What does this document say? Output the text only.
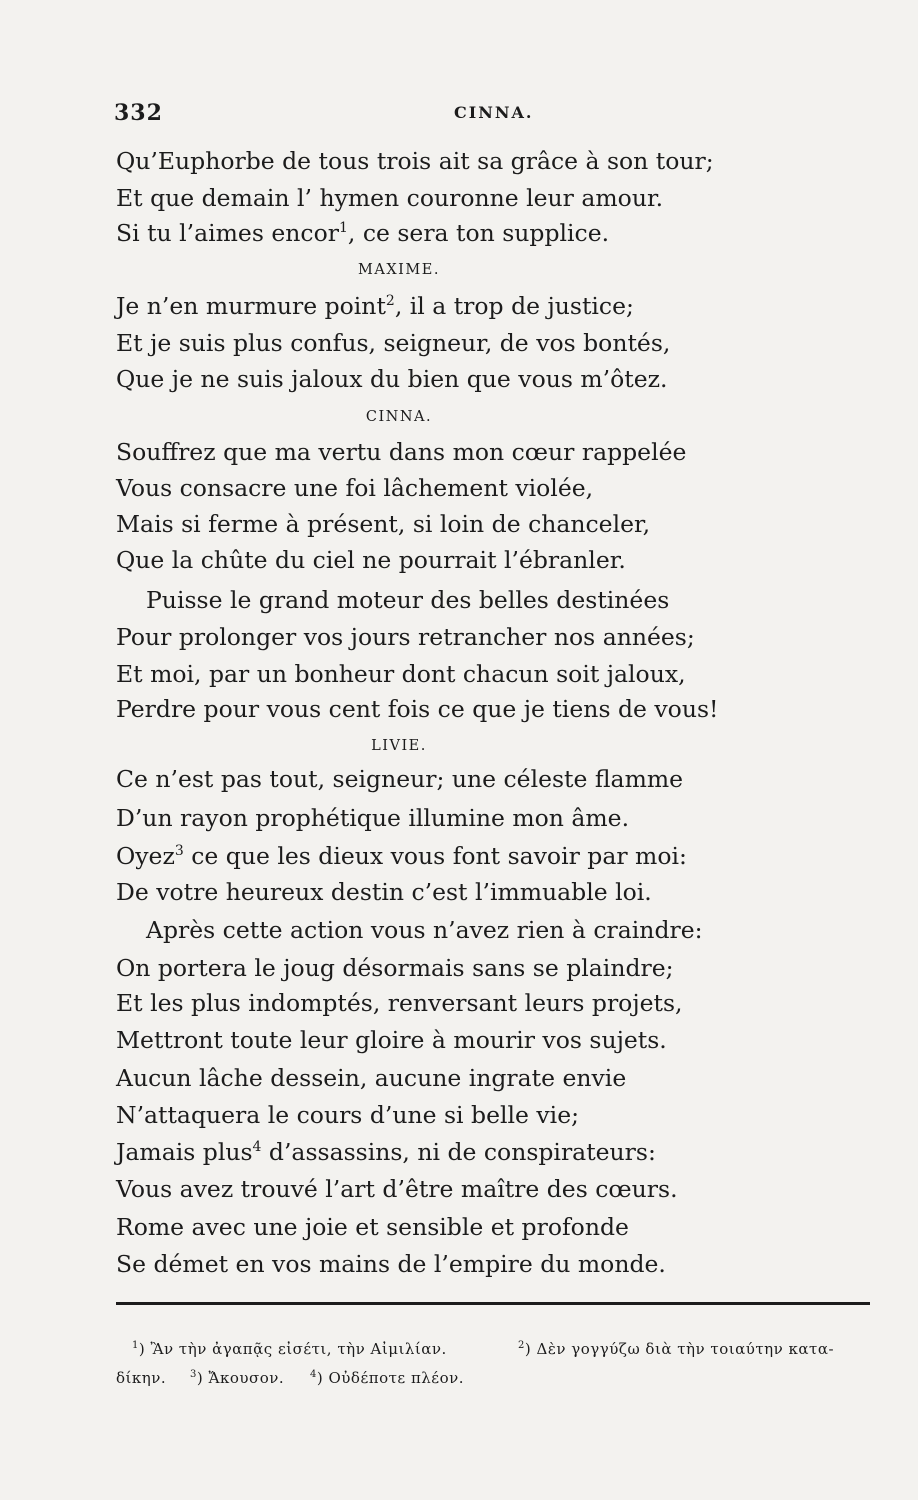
332	CINNA.
Qu’Euphorbe de tous trois ait sa grâce à son tour;
Et que demain l’ hymen couronne leur amour.
Si tu l’aimes encor$^1$, ce sera ton supplice.
MAXIME.
Je n’en murmure point$^2$, il a trop de justice;
Et je suis plus confus, seigneur, de vos bontés,
Que je ne suis jaloux du bien que vous m’ôtez.
CINNA.
Souffrez que ma vertu dans mon cœur rappelée
Vous consacre une foi lâchement violée,
Mais si ferme à présent, si loin de chanceler,
Que la chûte du ciel ne pourrait l’ébranler.
Puisse le grand moteur des belles destinées
Pour prolonger vos jours retrancher nos années;
Et moi, par un bonheur dont chacun soit jaloux,
Perdre pour vous cent fois ce que je tiens de vous!
LIVIE.
Ce n’est pas tout, seigneur; une céleste flamme
D’un rayon prophétique illumine mon âme.
Oyez$^3$ ce que les dieux vous font savoir par moi:
De votre heureux destin c’est l’immuable loi.
Après cette action vous n’avez rien à craindre:
On portera le joug désormais sans se plaindre;
Et les plus indomptés, renversant leurs projets,
Mettront toute leur gloire à mourir vos sujets.
Aucun lâche dessein, aucune ingrate envie
N’attaquera le cours d’une si belle vie;
Jamais plus$^4$ d’assassins, ni de conspirateurs:
Vous avez trouvé l’art d’être maître des cœurs.
Rome avec une joie et sensible et profonde
Se démet en vos mains de l’empire du monde.
$^1$) Ἂν τὴν ἀγαπᾷς εἰσέτι, τὴν Αἰμιλίαν.	$^2$) Δὲν γογγύζω διὰ τὴν τοιαύτην κατα-
δίκην. $^3$) Ἄκουσον.	$^4$) Οὐδέποτε πλέον.
